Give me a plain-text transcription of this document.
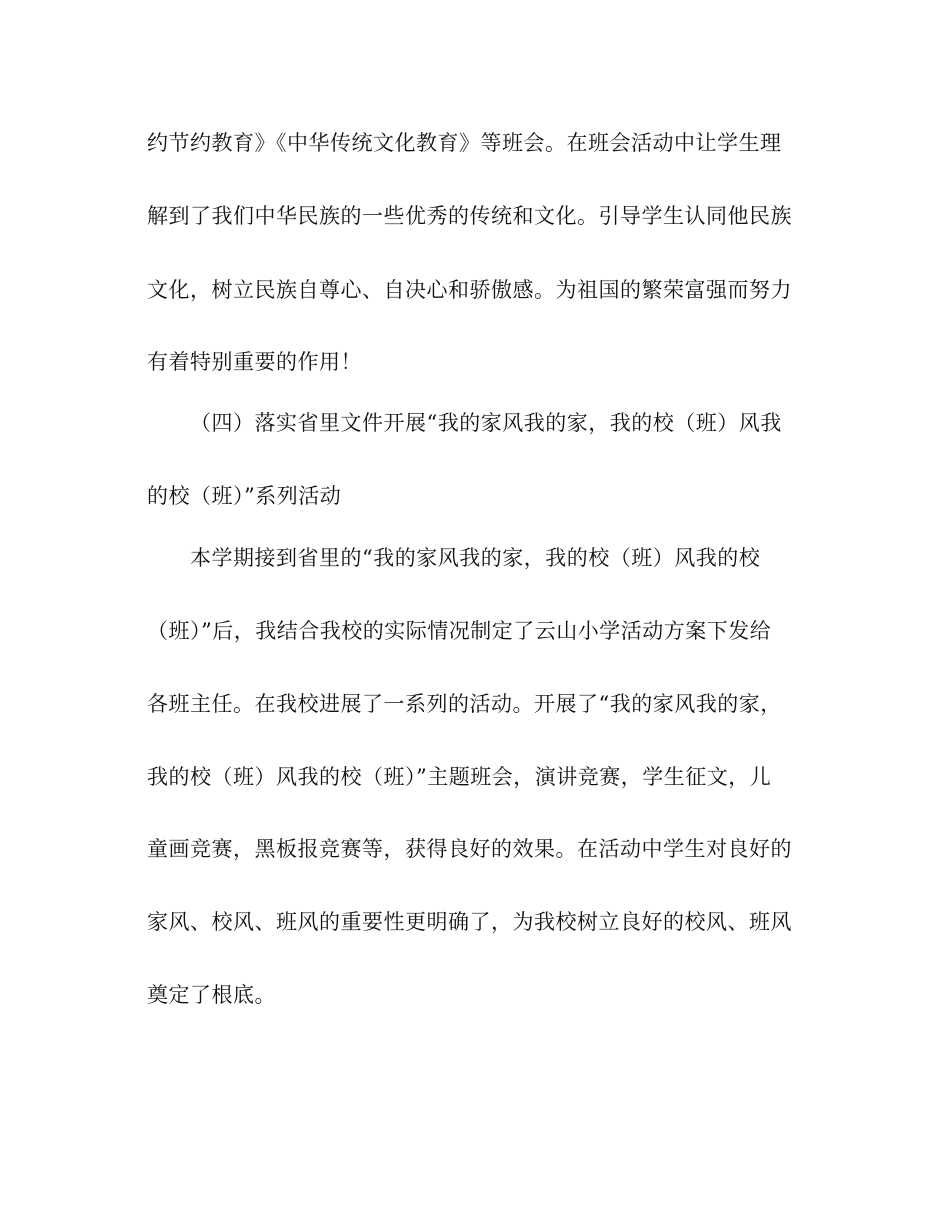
约节约教育》《中华传统文化教育》等班会。在班会活动中让学生理
解到了我们中华民族的一些优秀的传统和文化。引导学生认同他民族
文化，树立民族自尊心、自决心和骄傲感。为祖国的繁荣富强而努力
有着特别重要的作用！
（四）落实省里文件开展“我的家风我的家，我的校（班）风我
的校（班）”系列活动
本学期接到省里的“我的家风我的家，我的校（班）风我的校
（班）”后，我结合我校的实际情况制定了云山小学活动方案下发给
各班主任。在我校进展了一系列的活动。开展了“我的家风我的家，
我的校（班）风我的校（班）”主题班会，演讲竞赛，学生征文，儿
童画竞赛，黑板报竞赛等，获得良好的效果。在活动中学生对良好的
家风、校风、班风的重要性更明确了，为我校树立良好的校风、班风
奠定了根底。
